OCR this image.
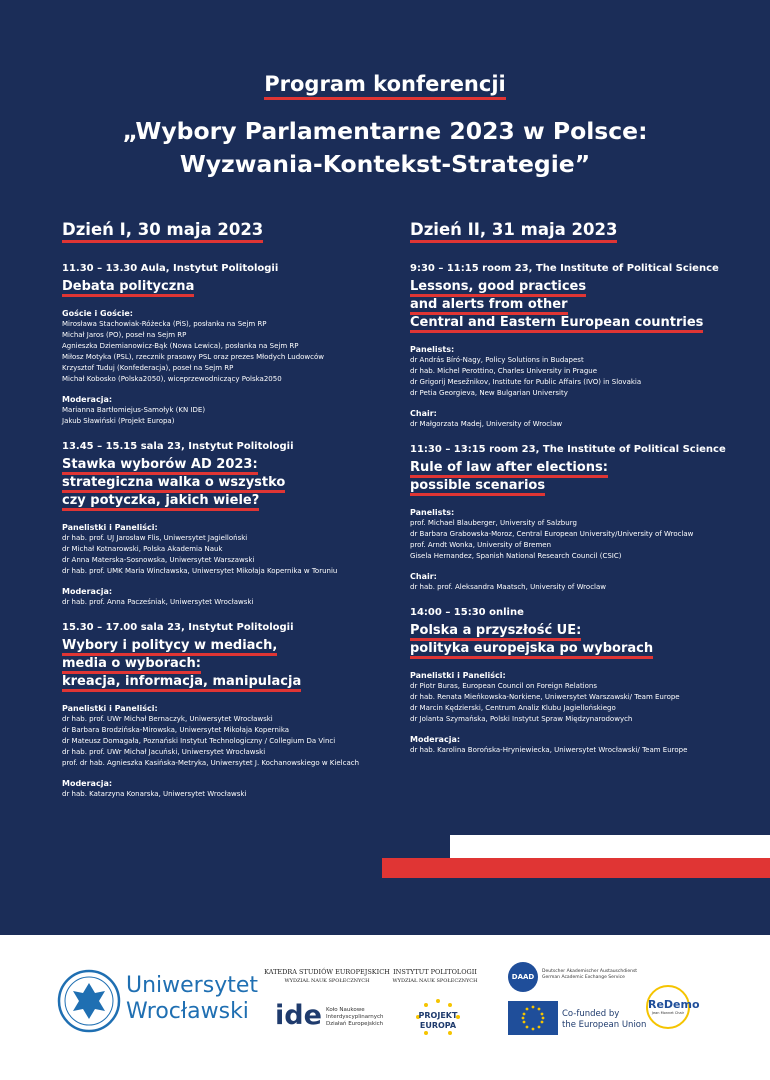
Program konferencji
„Wybory Parlamentarne 2023 w Polsce:
Wyzwania-Kontekst-Strategie”
Dzień I, 30 maja 2023
11.30 – 13.30 Aula, Instytut Politologii
Debata polityczna
Goście i Goście:
Mirosława Stachowiak-Różecka (PiS), posłanka na Sejm RP
Michał Jaros (PO), poseł na Sejm RP
Agnieszka Dziemianowicz-Bąk (Nowa Lewica), posłanka na Sejm RP
Miłosz Motyka (PSL), rzecznik prasowy PSL oraz prezes Młodych Ludowców
Krzysztof Tuduj (Konfederacja), poseł na Sejm RP
Michał Kobosko (Polska2050), wiceprzewodniczący Polska2050
Moderacja:
Marianna Bartłomiejus-Samołyk (KN IDE)
Jakub Sławiński (Projekt Europa)
13.45 – 15.15 sala 23, Instytut Politologii
Stawka wyborów AD 2023:
strategiczna walka o wszystko
czy potyczka, jakich wiele?
Panelistki i Paneliści:
dr hab. prof. UJ Jarosław Flis, Uniwersytet Jagielloński
dr Michał Kotnarowski, Polska Akademia Nauk
dr Anna Materska-Sosnowska, Uniwersytet Warszawski
dr hab. prof. UMK Maria Wincławska, Uniwersytet Mikołaja Kopernika w Toruniu
Moderacja:
dr hab. prof. Anna Pacześniak, Uniwersytet Wrocławski
15.30 – 17.00 sala 23, Instytut Politologii
Wybory i politycy w mediach,
media o wyborach:
kreacja, informacja, manipulacja
Panelistki i Paneliści:
dr hab. prof. UWr Michał Bernaczyk, Uniwersytet Wrocławski
dr Barbara Brodzińska-Mirowska, Uniwersytet Mikołaja Kopernika
dr Mateusz Domagała, Poznański Instytut Technologiczny / Collegium Da Vinci
dr hab. prof. UWr Michał Jacuński, Uniwersytet Wrocławski
prof. dr hab. Agnieszka Kasińska-Metryka, Uniwersytet J. Kochanowskiego w Kielcach
Moderacja:
dr hab. Katarzyna Konarska, Uniwersytet Wrocławski
Dzień II, 31 maja 2023
9:30 – 11:15 room 23, The Institute of Political Science
Lessons, good practices
and alerts from other
Central and Eastern European countries
Panelists:
dr András Bíró-Nagy, Policy Solutions in Budapest
dr hab. Michel Perottino, Charles University in Prague
dr Grigorij Mesežnikov, Institute for Public Affairs (IVO) in Slovakia
dr Petia Georgieva, New Bulgarian University
Chair:
dr Małgorzata Madej, University of Wroclaw
11:30 – 13:15 room 23, The Institute of Political Science
Rule of law after elections:
possible scenarios
Panelists:
prof. Michael Blauberger, University of Salzburg
dr Barbara Grabowska-Moroz, Central European University/University of Wroclaw
prof. Arndt Wonka, University of Bremen
Gisela Hernandez, Spanish National Research Council (CSIC)
Chair:
dr hab. prof. Aleksandra Maatsch, University of Wroclaw
14:00 – 15:30 online
Polska a przyszłość UE:
polityka europejska po wyborach
Panelistki i Paneliści:
dr Piotr Buras, European Council on Foreign Relations
dr hab. Renata Mieńkowska-Norkiene, Uniwersytet Warszawski/ Team Europe
dr Marcin Kędzierski, Centrum Analiz Klubu Jagiellońskiego
dr Jolanta Szymańska, Polski Instytut Spraw Międzynarodowych
Moderacja:
dr hab. Karolina Borońska-Hryniewiecka, Uniwersytet Wrocławski/ Team Europe
Uniwersytet
Wrocławski
KATEDRA STUDIÓW EUROPEJSKICH
WYDZIAŁ NAUK SPOŁECZNYCH
ide Koło Naukowe
Interdyscyplinarnych
Działań Europejskich
INSTYTUT POLITOLOGII
WYDZIAŁ NAUK SPOŁECZNYCH
PROJEKT
EUROPA
DAAD
Deutscher Akademischer Austauschdienst
German Academic Exchange Service
Co-funded by
the European Union
ReDemo
Jean Monnet Chair
